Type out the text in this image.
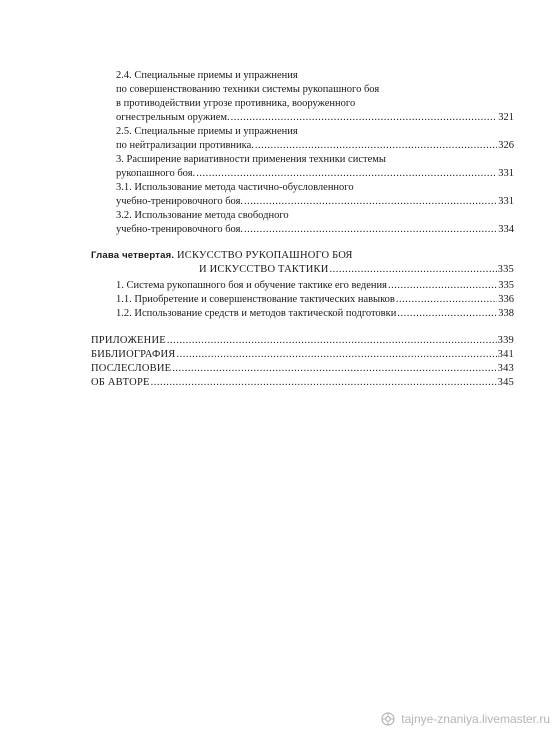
2.4. Специальные приемы и упражнения
по совершенствованию техники системы рукопашного боя
в противодействии угрозе противника, вооруженного
огнестрельным оружием. .....	321
2.5. Специальные приемы и упражнения
по нейтрализации противника. .....	326
3. Расширение вариативности применения техники системы
рукопашного боя. .....	331
3.1. Использование метода частично-обусловленного
учебно-тренировочного боя. .....	331
3.2. Использование метода свободного
учебно-тренировочного боя. .....	334
Глава четвертая. ИСКУССТВО РУКОПАШНОГО БОЯ
И ИСКУССТВО ТАКТИКИ .....	335
1. Система рукопашного боя и обучение тактике его ведения .....	335
1.1. Приобретение и совершенствование тактических навыков .....	336
1.2. Использование средств и методов тактической подготовки .....	338
ПРИЛОЖЕНИЕ .....	339
БИБЛИОГРАФИЯ .....	341
ПОСЛЕСЛОВИЕ .....	343
ОБ АВТОРЕ .....	345
tajnye-znaniya.livemaster.ru
